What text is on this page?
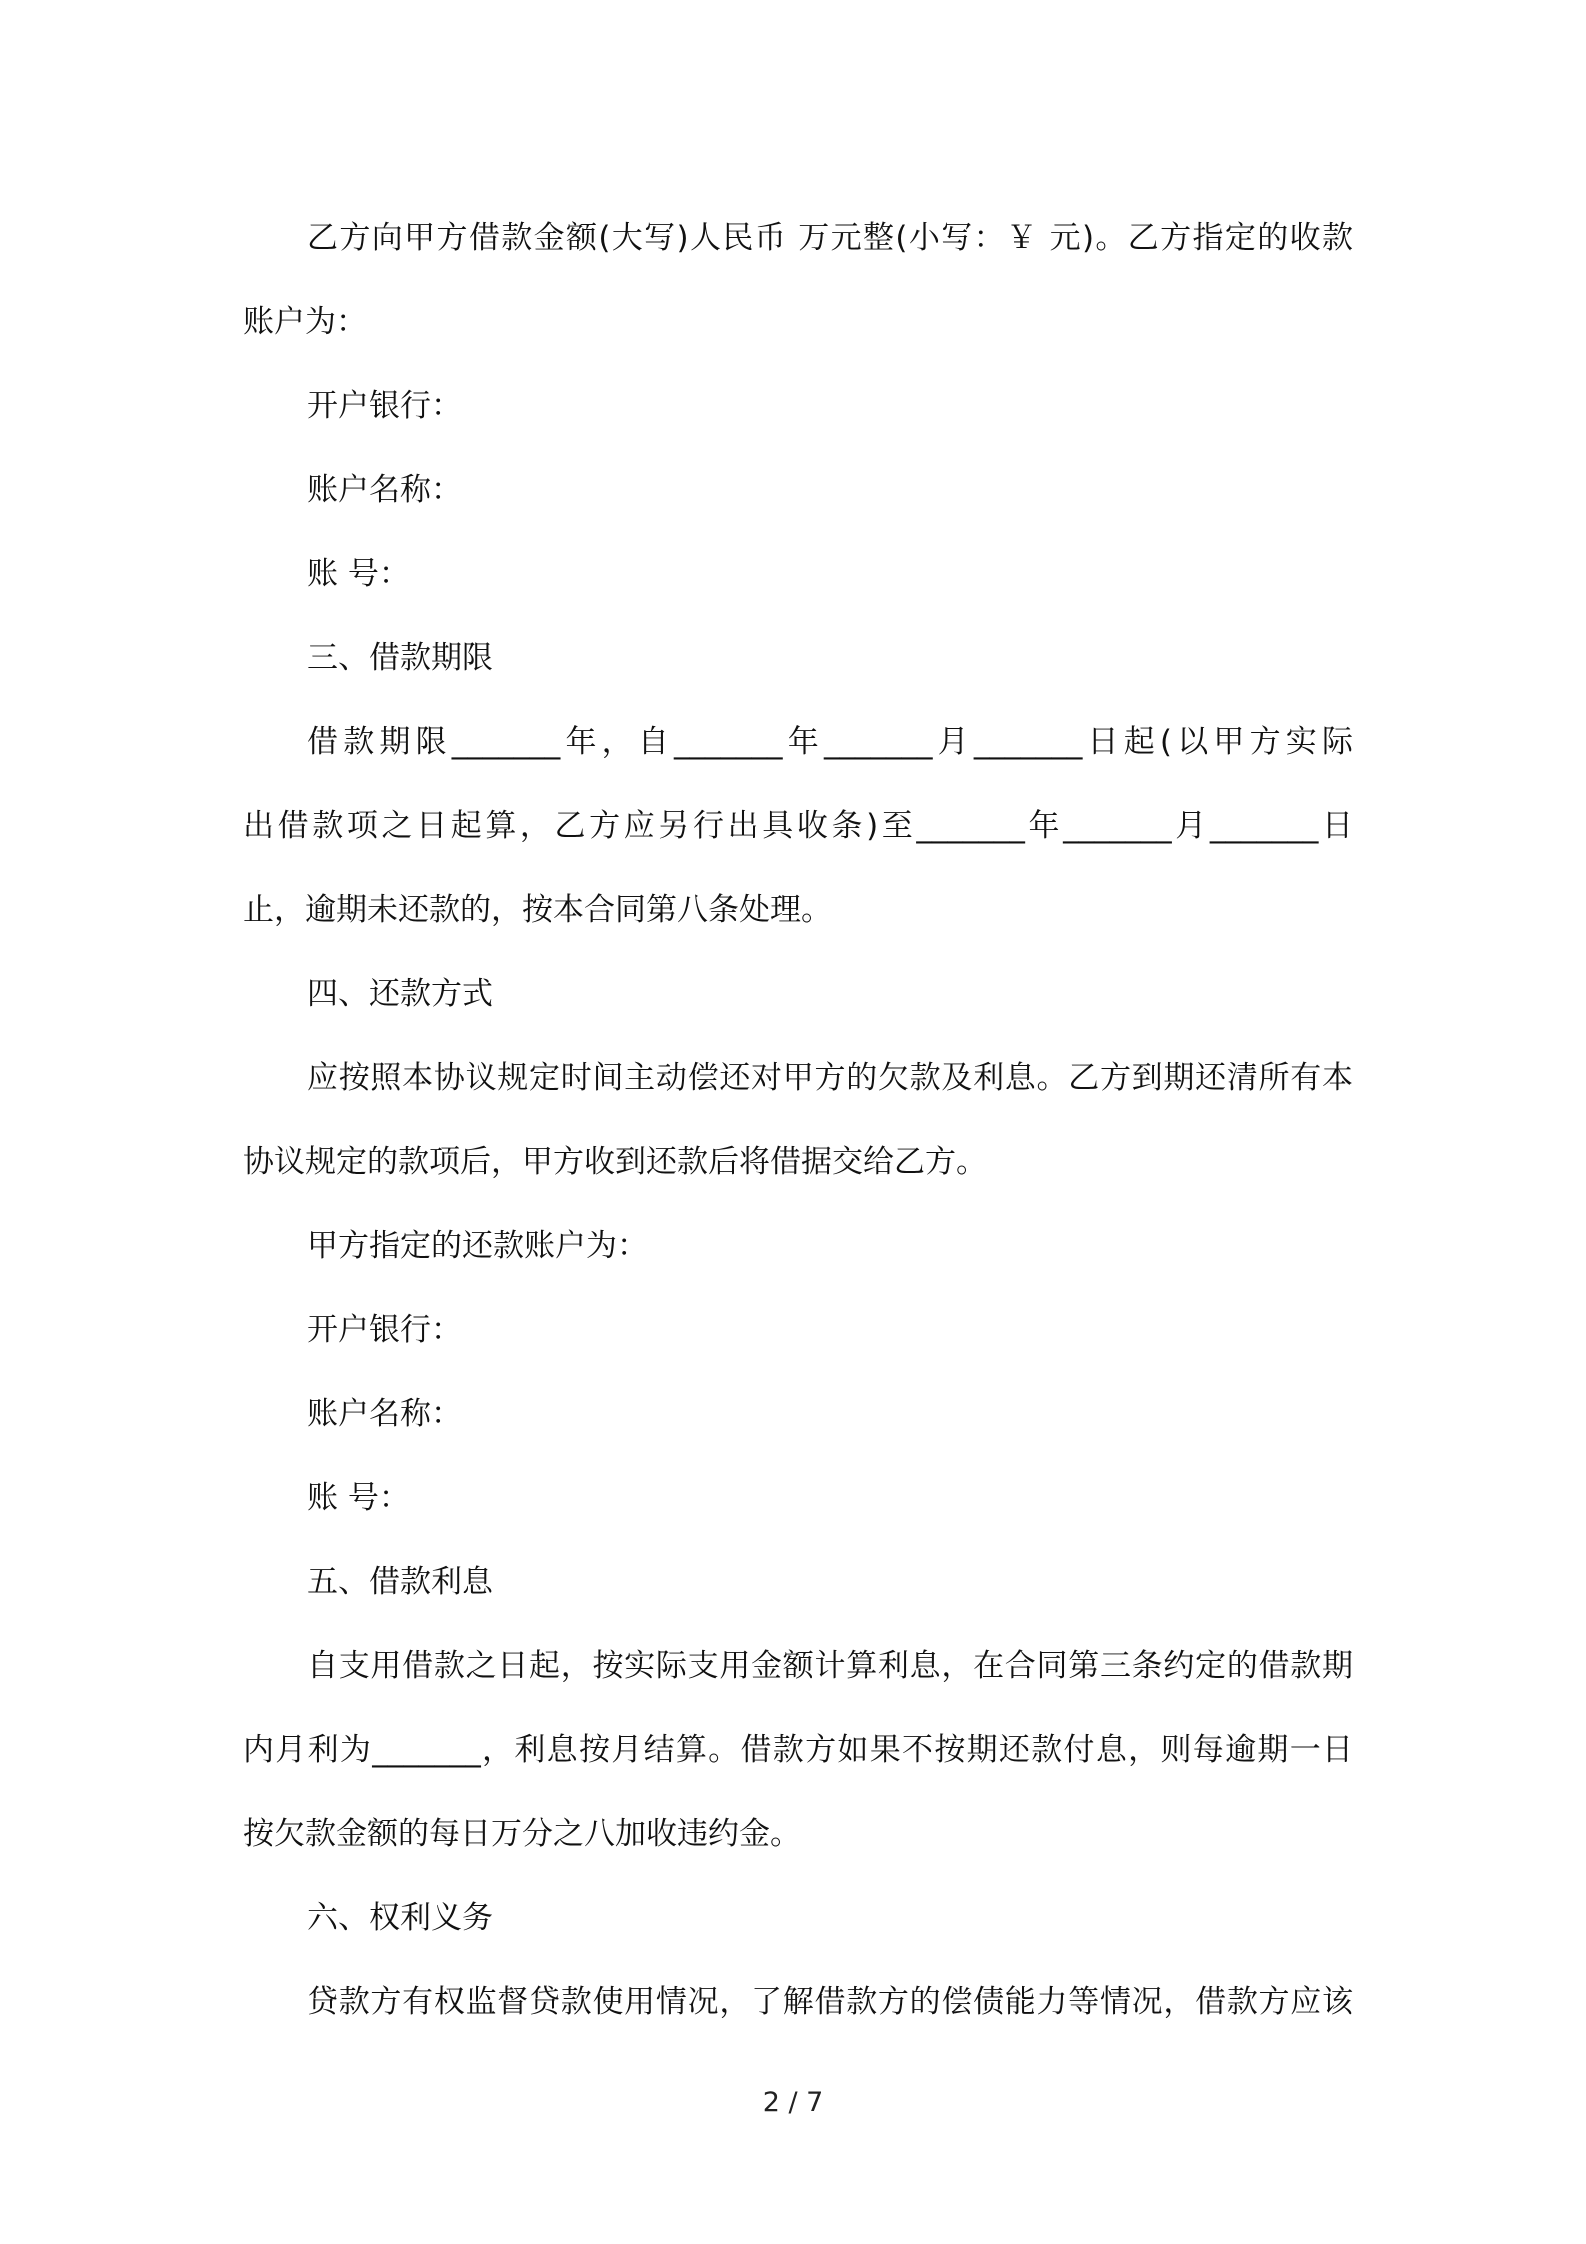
乙方向甲方借款金额(大写)人民币 万元整(小写：￥ 元)。乙方指定的收款
账户为：
开户银行：
账户名称：
账 号：
三、借款期限
借款期限_______年，自_______年_______月_______日起(以甲方实际
出借款项之日起算，乙方应另行出具收条)至_______年_______月_______日
止，逾期未还款的，按本合同第八条处理。
四、还款方式
应按照本协议规定时间主动偿还对甲方的欠款及利息。乙方到期还清所有本
协议规定的款项后，甲方收到还款后将借据交给乙方。
甲方指定的还款账户为：
开户银行：
账户名称：
账 号：
五、借款利息
自支用借款之日起，按实际支用金额计算利息，在合同第三条约定的借款期
内月利为_______，利息按月结算。借款方如果不按期还款付息，则每逾期一日
按欠款金额的每日万分之八加收违约金。
六、权利义务
贷款方有权监督贷款使用情况，了解借款方的偿债能力等情况，借款方应该
2 / 7
